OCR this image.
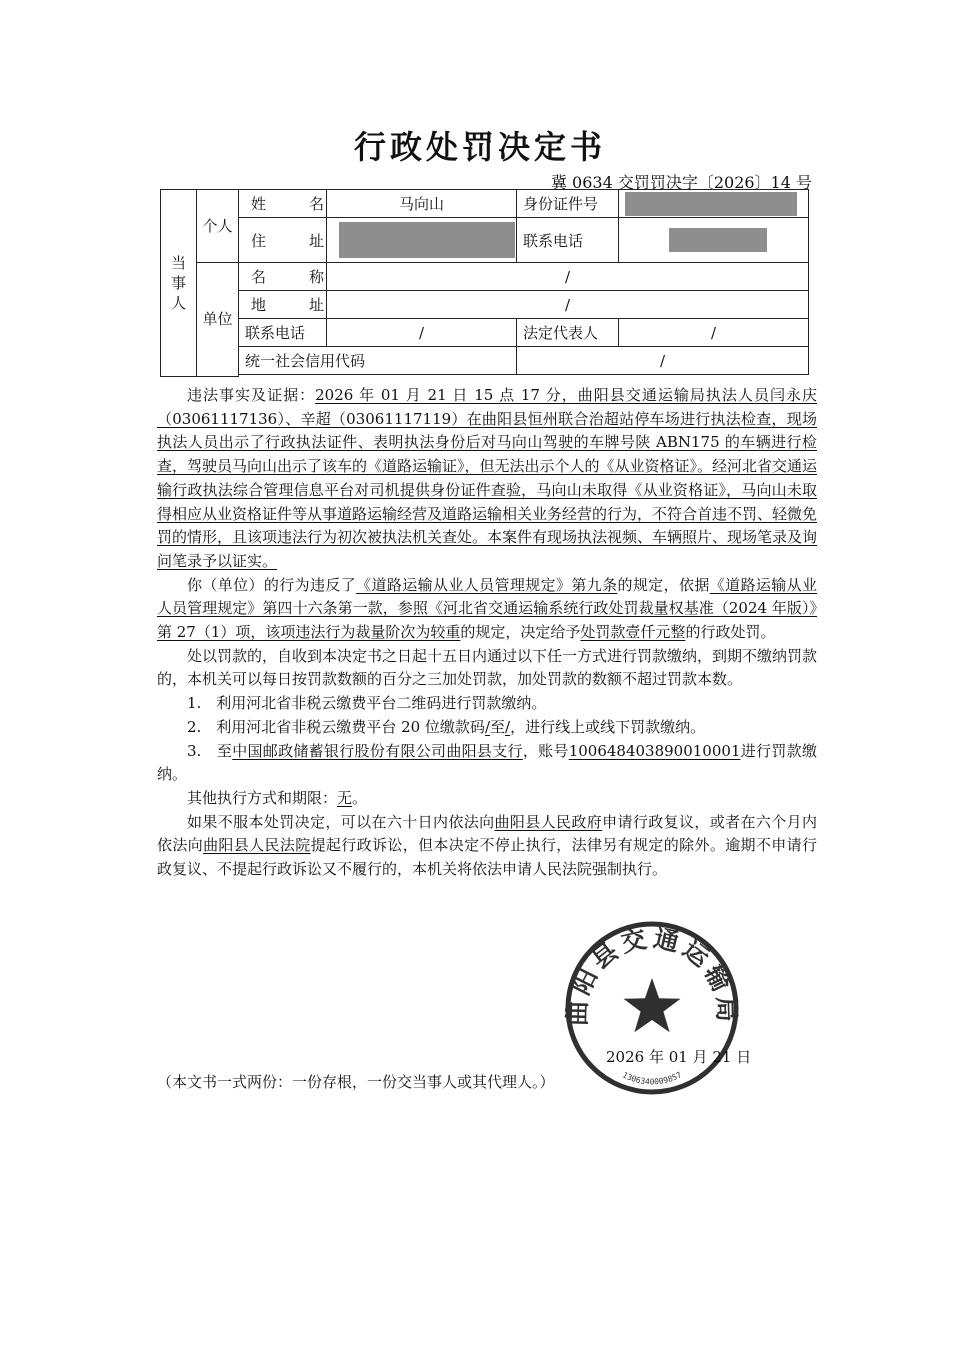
行政处罚决定书
冀 0634 交罚罚决字〔2026〕14 号
当事人	个人	姓　名	马向山	身份证件号	
		住　址		联系电话	
	单位	名　称	/		
		地　址	/		
		联系电话	/	法定代表人	/
		统一社会信用代码		/	

违法事实及证据：2026 年 01 月 21 日 15 点 17 分，曲阳县交通运输局执法人员闫永庆（03061117136）、辛超（03061117119）在曲阳县恒州联合治超站停车场进行执法检查，现场执法人员出示了行政执法证件、表明执法身份后对马向山驾驶的车牌号陕 ABN175 的车辆进行检查，驾驶员马向山出示了该车的《道路运输证》，但无法出示个人的《从业资格证》。经河北省交通运输行政执法综合管理信息平台对司机提供身份证件查验，马向山未取得《从业资格证》，马向山未取得相应从业资格证件等从事道路运输经营及道路运输相关业务经营的行为，不符合首违不罚、轻微免罚的情形，且该项违法行为初次被执法机关查处。本案件有现场执法视频、车辆照片、现场笔录及询问笔录予以证实。

你（单位）的行为违反了《道路运输从业人员管理规定》第九条的规定，依据《道路运输从业人员管理规定》第四十六条第一款，参照《河北省交通运输系统行政处罚裁量权基准（2024 年版）》第 27（1）项，该项违法行为裁量阶次为较重的规定，决定给予处罚款壹仟元整的行政处罚。

处以罚款的，自收到本决定书之日起十五日内通过以下任一方式进行罚款缴纳，到期不缴纳罚款的，本机关可以每日按罚款数额的百分之三加处罚款，加处罚款的数额不超过罚款本数。

1.　利用河北省非税云缴费平台二维码进行罚款缴纳。

2.　利用河北省非税云缴费平台 20 位缴款码/至/，进行线上或线下罚款缴纳。

3.　至中国邮政储蓄银行股份有限公司曲阳县支行，账号100648403890010001进行罚款缴纳。

其他执行方式和期限：无。

如果不服本处罚决定，可以在六十日内依法向曲阳县人民政府申请行政复议，或者在六个月内依法向曲阳县人民法院提起行政诉讼，但本决定不停止执行，法律另有规定的除外。逾期不申请行政复议、不提起行政诉讼又不履行的，本机关将依法申请人民法院强制执行。

曲阳县交通运输局
1306340009857
2026 年 01 月 21 日
（本文书一式两份：一份存根，一份交当事人或其代理人。）
